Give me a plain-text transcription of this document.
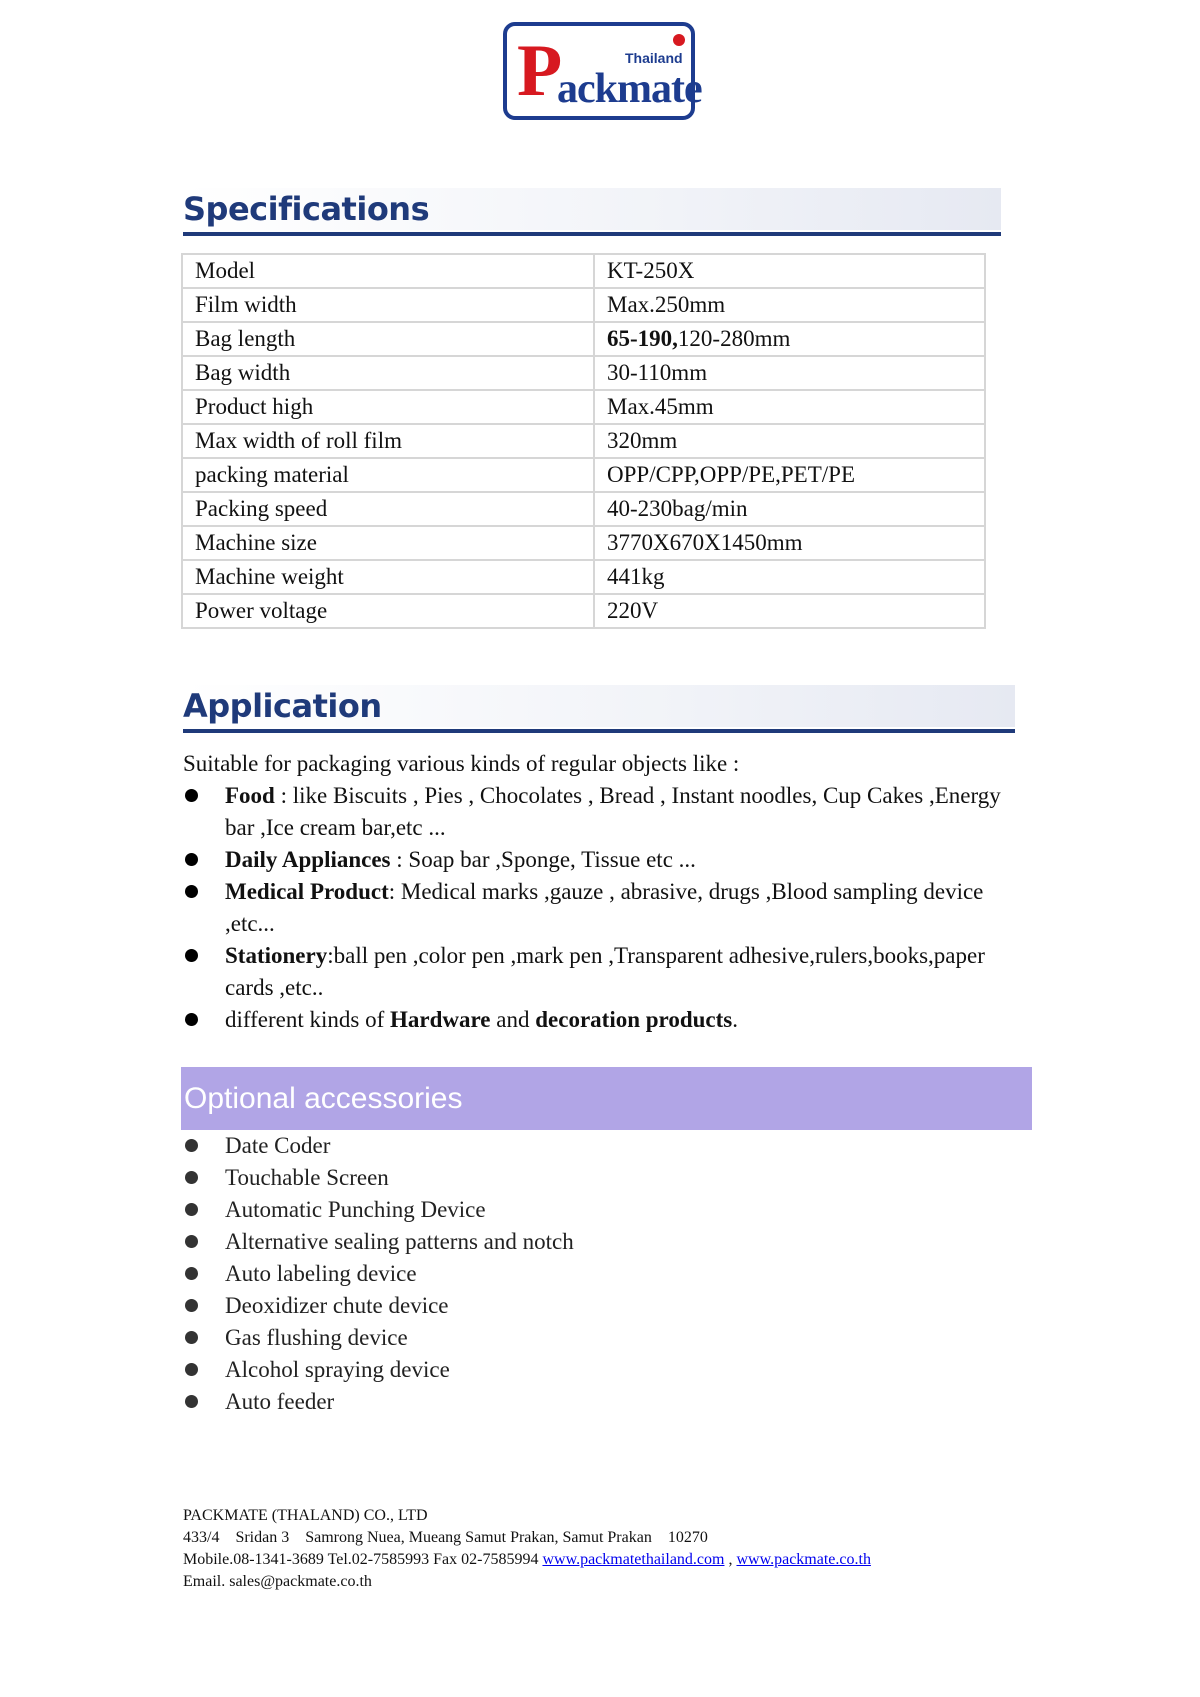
Thailand
P
ackmate
Specifications
Model	KT-250X
Film width	Max.250mm
Bag length	65-190,120-280mm
Bag width	30-110mm
Product high	Max.45mm
Max width of roll film	320mm
packing material	OPP/CPP,OPP/PE,PET/PE
Packing speed	40-230bag/min
Machine size	3770X670X1450mm
Machine weight	441kg
Power voltage	220V
Application

Suitable for packaging various kinds of regular objects like :

Food : like Biscuits , Pies , Chocolates , Bread , Instant noodles, Cup Cakes ,Energy bar ,Ice cream bar,etc ...
Daily Appliances : Soap bar ,Sponge, Tissue etc ...
Medical Product: Medical marks ,gauze , abrasive, drugs ,Blood sampling device ,etc...
Stationery:ball pen ,color pen ,mark pen ,Transparent adhesive,rulers,books,paper cards ,etc..
different kinds of Hardware and decoration products.
Optional accessories
Date Coder
Touchable Screen
Automatic Punching Device
Alternative sealing patterns and notch
Auto labeling device
Deoxidizer chute device
Gas flushing device
Alcohol spraying device
Auto feeder
PACKMATE (THALAND) CO., LTD
433/4    Sridan 3    Samrong Nuea, Mueang Samut Prakan, Samut Prakan    10270
Mobile.08-1341-3689 Tel.02-7585993 Fax 02-7585994 www.packmatethailand.com , www.packmate.co.th
Email. sales@packmate.co.th
